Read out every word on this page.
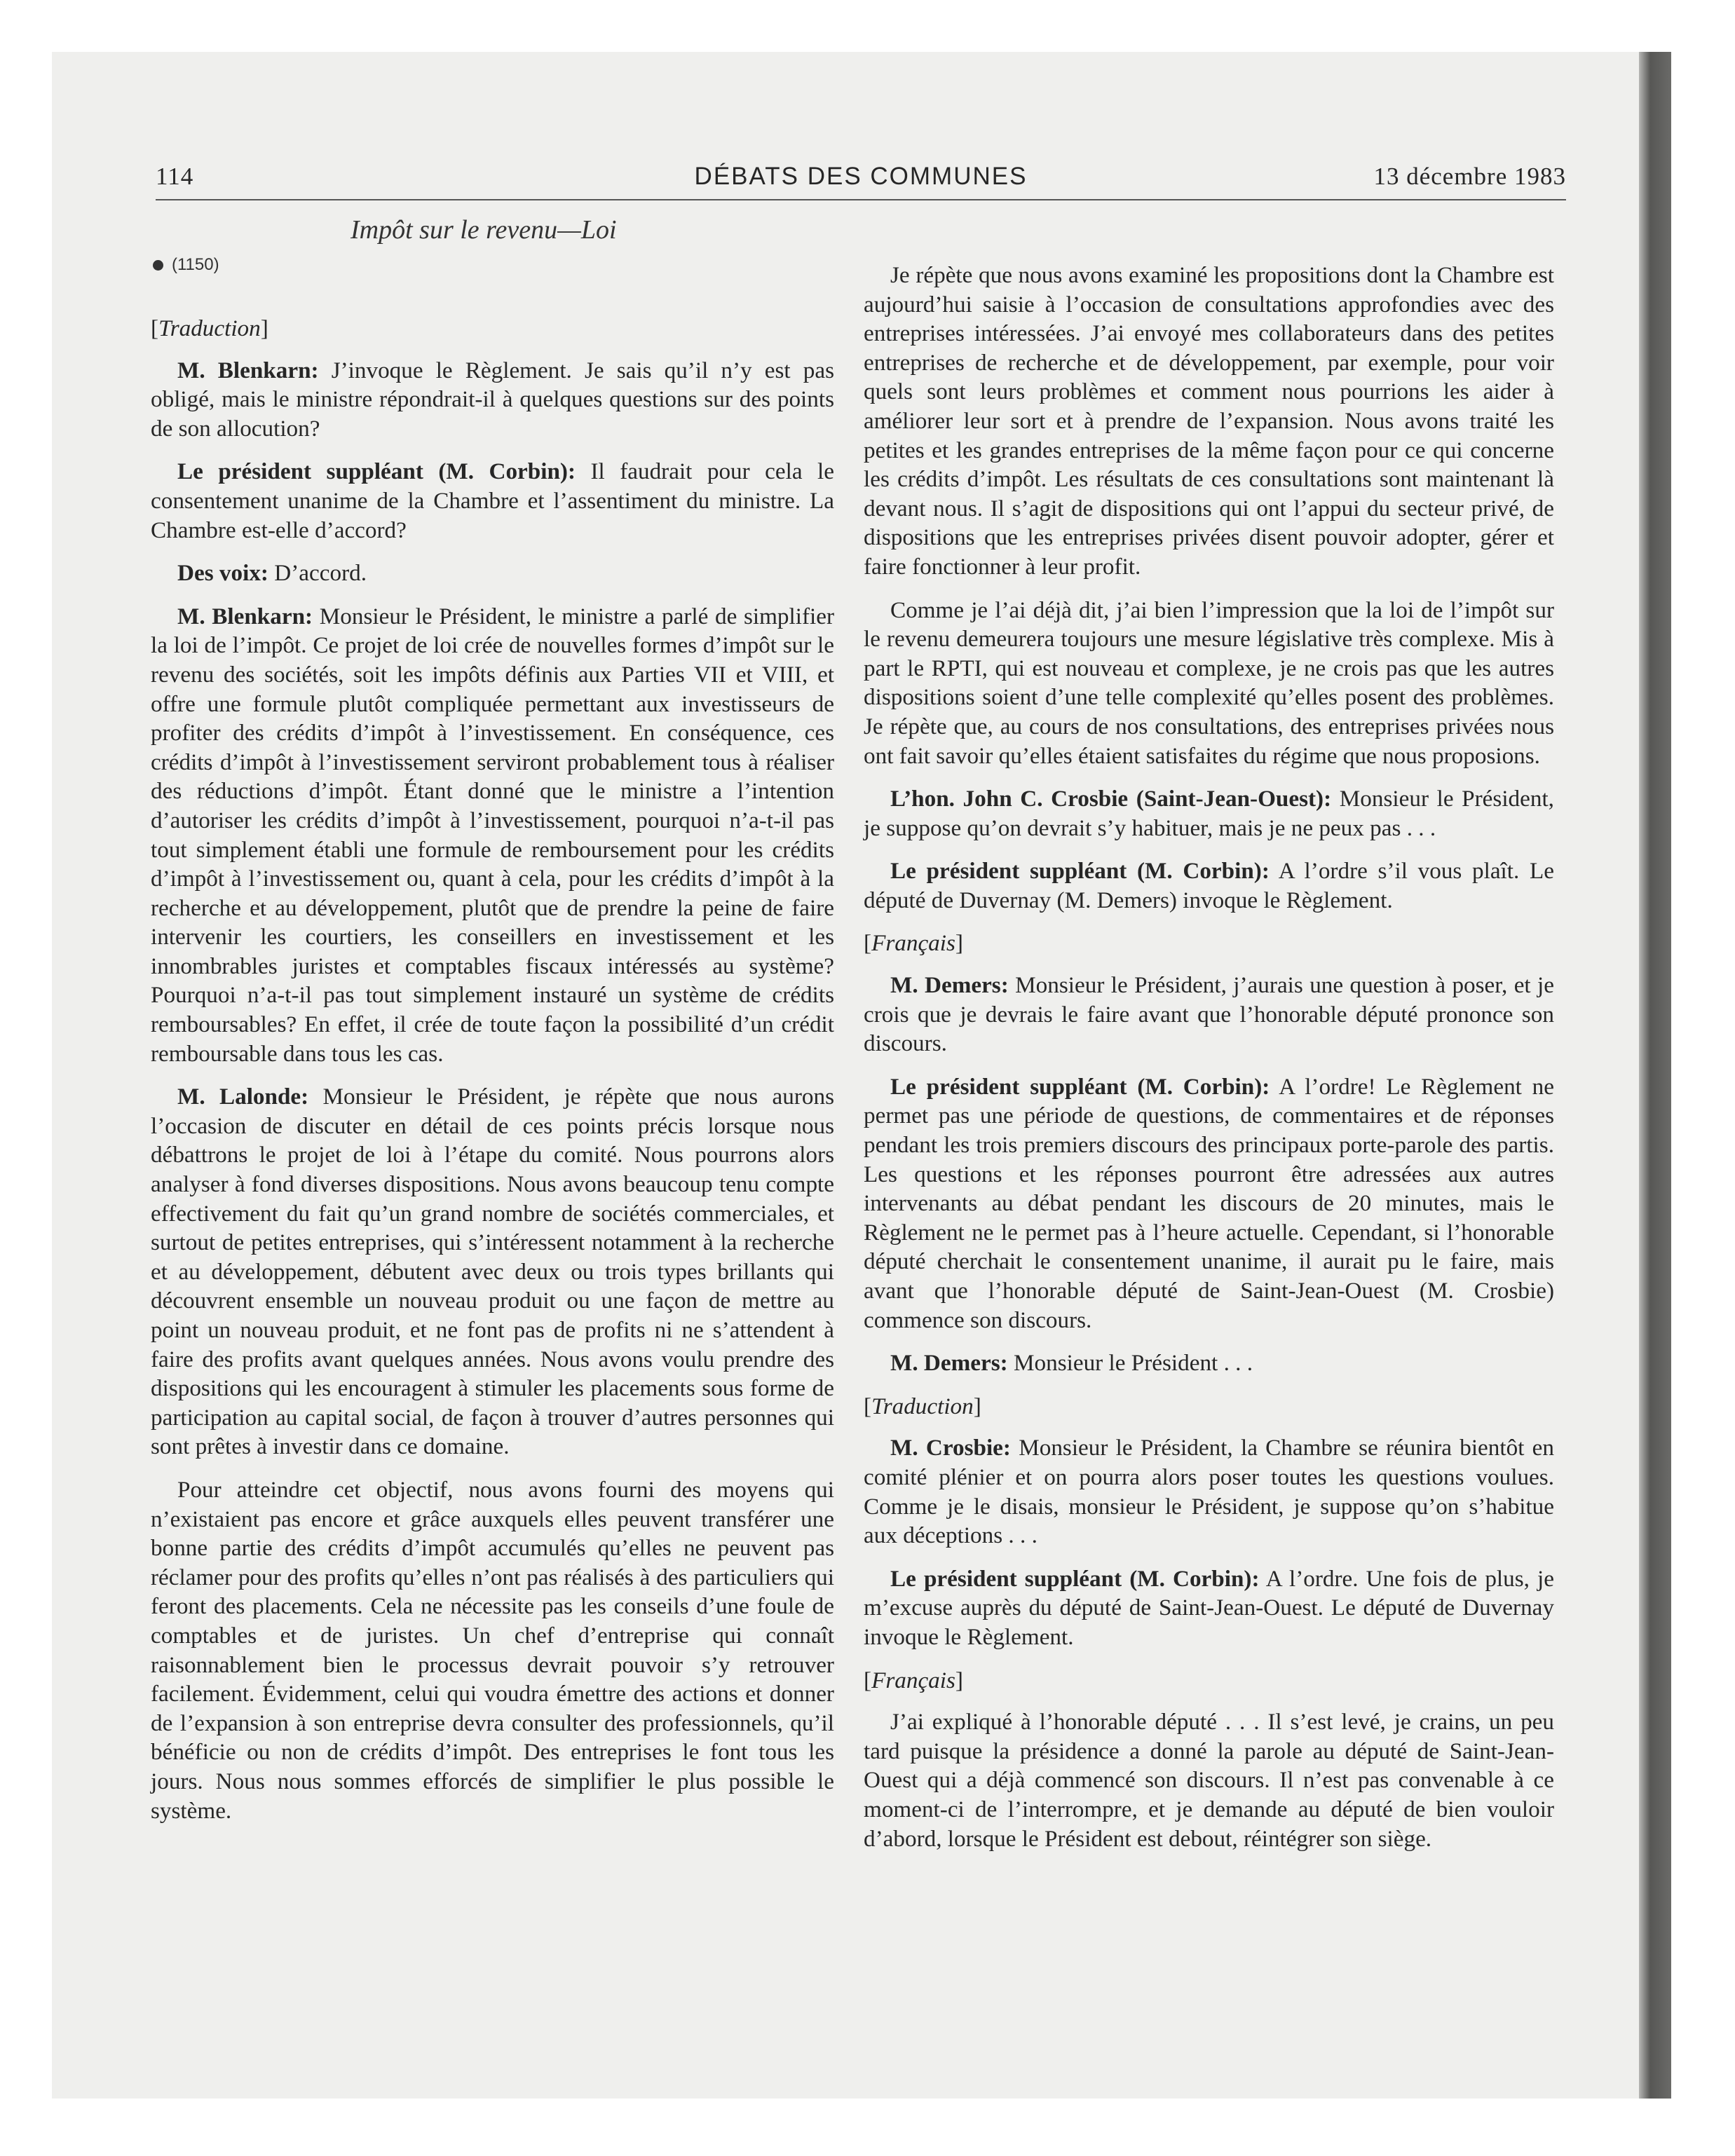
114	DÉBATS DES COMMUNES	13 décembre 1983
Impôt sur le revenu—Loi
(1150)

[Traduction]

M. Blenkarn: J’invoque le Règlement. Je sais qu’il n’y est pas obligé, mais le ministre répondrait-il à quelques questions sur des points de son allocution?

Le président suppléant (M. Corbin): Il faudrait pour cela le consentement unanime de la Chambre et l’assentiment du ministre. La Chambre est-elle d’accord?

Des voix: D’accord.

M. Blenkarn: Monsieur le Président, le ministre a parlé de simplifier la loi de l’impôt. Ce projet de loi crée de nouvelles formes d’impôt sur le revenu des sociétés, soit les impôts définis aux Parties VII et VIII, et offre une formule plutôt compliquée permettant aux investisseurs de profiter des crédits d’impôt à l’investissement. En conséquence, ces crédits d’impôt à l’investissement serviront probablement tous à réaliser des réductions d’impôt. Étant donné que le ministre a l’intention d’autoriser les crédits d’impôt à l’investissement, pourquoi n’a-t-il pas tout simplement établi une formule de remboursement pour les crédits d’impôt à l’investissement ou, quant à cela, pour les crédits d’impôt à la recherche et au développement, plutôt que de prendre la peine de faire intervenir les courtiers, les conseillers en investissement et les innombrables juristes et comptables fiscaux intéressés au système? Pourquoi n’a-t-il pas tout simplement instauré un système de crédits remboursables? En effet, il crée de toute façon la possibilité d’un crédit remboursable dans tous les cas.

M. Lalonde: Monsieur le Président, je répète que nous aurons l’occasion de discuter en détail de ces points précis lorsque nous débattrons le projet de loi à l’étape du comité. Nous pourrons alors analyser à fond diverses dispositions. Nous avons beaucoup tenu compte effectivement du fait qu’un grand nombre de sociétés commerciales, et surtout de petites entreprises, qui s’intéressent notamment à la recherche et au développement, débutent avec deux ou trois types brillants qui découvrent ensemble un nouveau produit ou une façon de mettre au point un nouveau produit, et ne font pas de profits ni ne s’attendent à faire des profits avant quelques années. Nous avons voulu prendre des dispositions qui les encouragent à stimuler les placements sous forme de participation au capital social, de façon à trouver d’autres personnes qui sont prêtes à investir dans ce domaine.

Pour atteindre cet objectif, nous avons fourni des moyens qui n’existaient pas encore et grâce auxquels elles peuvent transférer une bonne partie des crédits d’impôt accumulés qu’elles ne peuvent pas réclamer pour des profits qu’elles n’ont pas réalisés à des particuliers qui feront des placements. Cela ne nécessite pas les conseils d’une foule de comptables et de juristes. Un chef d’entreprise qui connaît raisonnablement bien le processus devrait pouvoir s’y retrouver facilement. Évidemment, celui qui voudra émettre des actions et donner de l’expansion à son entreprise devra consulter des professionnels, qu’il bénéficie ou non de crédits d’impôt. Des entreprises le font tous les jours. Nous nous sommes efforcés de simplifier le plus possible le système.

Je répète que nous avons examiné les propositions dont la Chambre est aujourd’hui saisie à l’occasion de consultations approfondies avec des entreprises intéressées. J’ai envoyé mes collaborateurs dans des petites entreprises de recherche et de développement, par exemple, pour voir quels sont leurs problèmes et comment nous pourrions les aider à améliorer leur sort et à prendre de l’expansion. Nous avons traité les petites et les grandes entreprises de la même façon pour ce qui concerne les crédits d’impôt. Les résultats de ces consultations sont maintenant là devant nous. Il s’agit de dispositions qui ont l’appui du secteur privé, de dispositions que les entreprises privées disent pouvoir adopter, gérer et faire fonctionner à leur profit.

Comme je l’ai déjà dit, j’ai bien l’impression que la loi de l’impôt sur le revenu demeurera toujours une mesure législative très complexe. Mis à part le RPTI, qui est nouveau et complexe, je ne crois pas que les autres dispositions soient d’une telle complexité qu’elles posent des problèmes. Je répète que, au cours de nos consultations, des entreprises privées nous ont fait savoir qu’elles étaient satisfaites du régime que nous proposions.

L’hon. John C. Crosbie (Saint-Jean-Ouest): Monsieur le Président, je suppose qu’on devrait s’y habituer, mais je ne peux pas . . .

Le président suppléant (M. Corbin): A l’ordre s’il vous plaît. Le député de Duvernay (M. Demers) invoque le Règlement.

[Français]

M. Demers: Monsieur le Président, j’aurais une question à poser, et je crois que je devrais le faire avant que l’honorable député prononce son discours.

Le président suppléant (M. Corbin): A l’ordre! Le Règlement ne permet pas une période de questions, de commentaires et de réponses pendant les trois premiers discours des principaux porte-parole des partis. Les questions et les réponses pourront être adressées aux autres intervenants au débat pendant les discours de 20 minutes, mais le Règlement ne le permet pas à l’heure actuelle. Cependant, si l’honorable député cherchait le consentement unanime, il aurait pu le faire, mais avant que l’honorable député de Saint-Jean-Ouest (M. Crosbie) commence son discours.

M. Demers: Monsieur le Président . . .

[Traduction]

M. Crosbie: Monsieur le Président, la Chambre se réunira bientôt en comité plénier et on pourra alors poser toutes les questions voulues. Comme je le disais, monsieur le Président, je suppose qu’on s’habitue aux déceptions . . .

Le président suppléant (M. Corbin): A l’ordre. Une fois de plus, je m’excuse auprès du député de Saint-Jean-Ouest. Le député de Duvernay invoque le Règlement.

[Français]

J’ai expliqué à l’honorable député . . . Il s’est levé, je crains, un peu tard puisque la présidence a donné la parole au député de Saint-Jean-Ouest qui a déjà commencé son discours. Il n’est pas convenable à ce moment-ci de l’interrompre, et je demande au député de bien vouloir d’abord, lorsque le Président est debout, réintégrer son siège.
